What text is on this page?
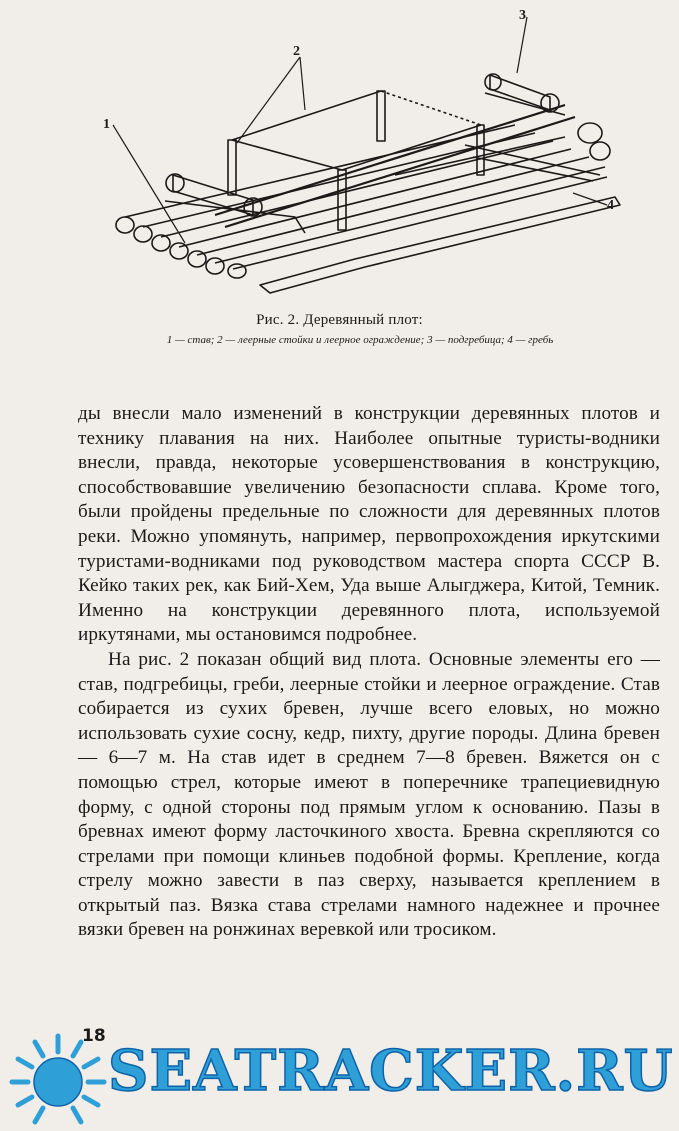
1
2
3
4
Рис. 2. Деревянный плот:
1 — став; 2 — леерные стойки и леерное ограждение; 3 — подгребица; 4 — гребь

ды внесли мало изменений в конструкции деревянных плотов и технику плавания на них. Наиболее опытные туристы-водники внесли, правда, некоторые усовершенствования в конструкцию, способствовавшие увеличению безопасности сплава. Кроме того, были пройдены предельные по сложности для деревянных плотов реки. Можно упомянуть, например, первопрохождения иркутскими туристами-водниками под руководством мастера спорта СССР В. Кейко таких рек, как Бий-Хем, Уда выше Алыгджера, Китой, Темник. Именно на конструкции деревянного плота, используемой иркутянами, мы остановимся подробнее.

На рис. 2 показан общий вид плота. Основные элементы его — став, подгребицы, греби, леерные стойки и леерное ограждение. Став собирается из сухих бревен, лучше всего еловых, но можно использовать сухие сосну, кедр, пихту, другие породы. Длина бревен — 6—7 м. На став идет в среднем 7—8 бревен. Вяжется он с помощью стрел, которые имеют в поперечнике трапециевидную форму, с одной стороны под прямым углом к основанию. Пазы в бревнах имеют форму ласточкиного хвоста. Бревна скрепляются со стрелами при помощи клиньев подобной формы. Крепление, когда стрелу можно завести в паз сверху, называется креплением в открытый паз. Вязка става стрелами намного надежнее и прочнее вязки бревен на ронжинах веревкой или тросиком.

18
SEATRACKER.RU
